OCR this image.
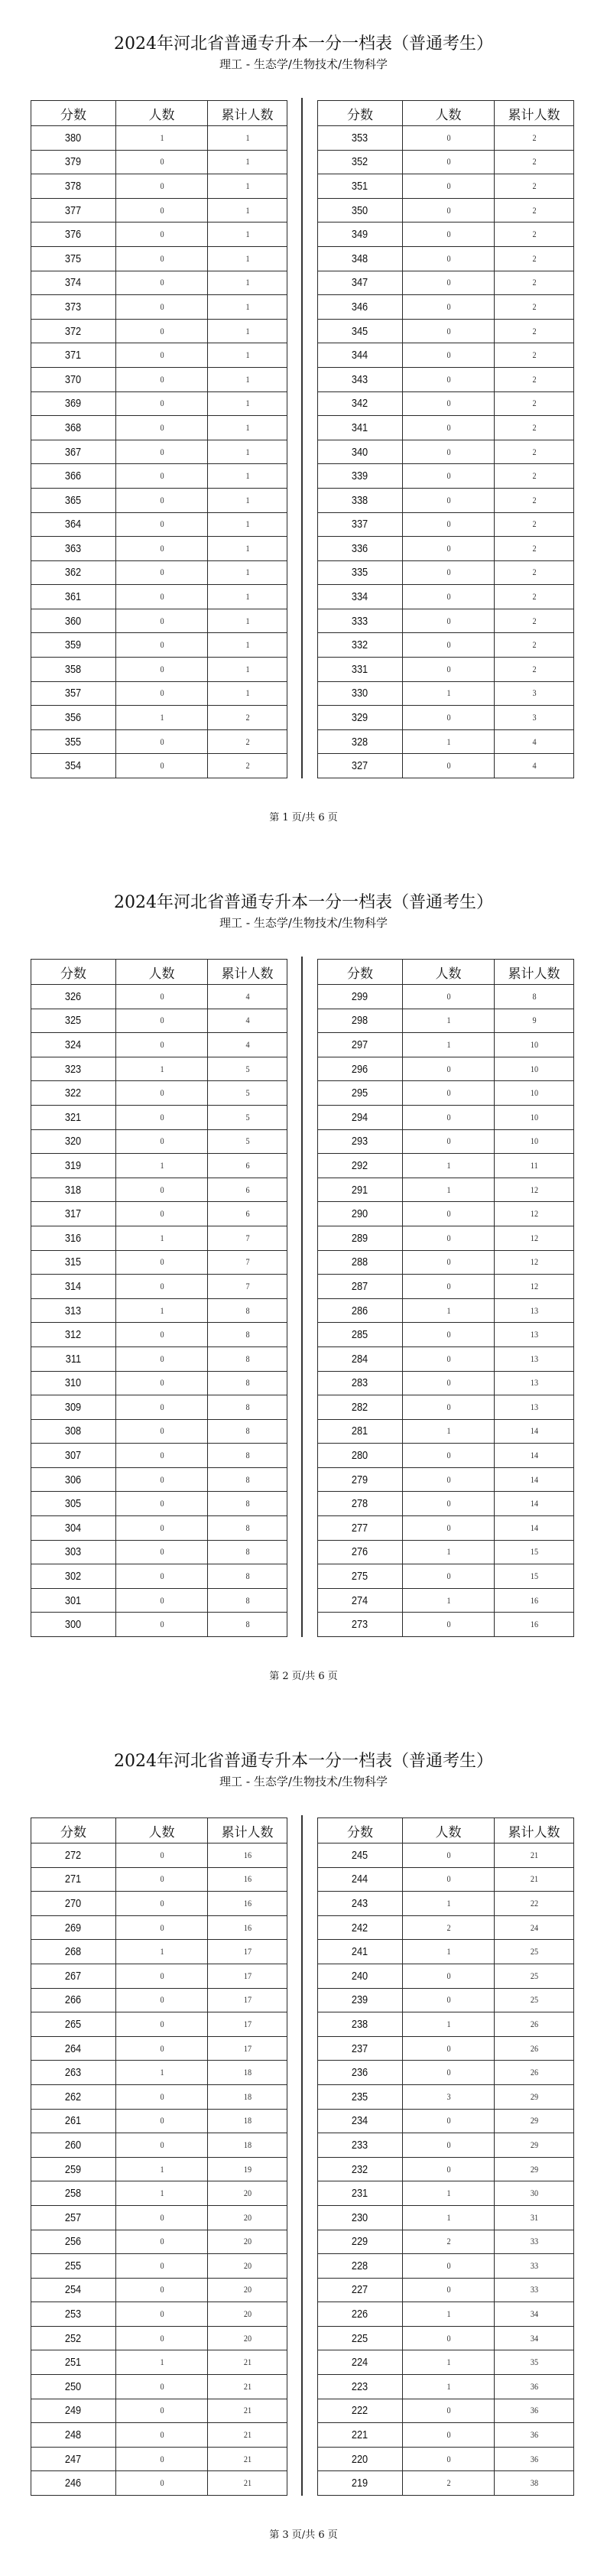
2024年河北省普通专升本一分一档表（普通考生）
理工 - 生态学/生物技术/生物科学
分数	人数	累计人数
380	1	1
379	0	1
378	0	1
377	0	1
376	0	1
375	0	1
374	0	1
373	0	1
372	0	1
371	0	1
370	0	1
369	0	1
368	0	1
367	0	1
366	0	1
365	0	1
364	0	1
363	0	1
362	0	1
361	0	1
360	0	1
359	0	1
358	0	1
357	0	1
356	1	2
355	0	2
354	0	2
分数	人数	累计人数
353	0	2
352	0	2
351	0	2
350	0	2
349	0	2
348	0	2
347	0	2
346	0	2
345	0	2
344	0	2
343	0	2
342	0	2
341	0	2
340	0	2
339	0	2
338	0	2
337	0	2
336	0	2
335	0	2
334	0	2
333	0	2
332	0	2
331	0	2
330	1	3
329	0	3
328	1	4
327	0	4
第 1 页/共 6 页
2024年河北省普通专升本一分一档表（普通考生）
理工 - 生态学/生物技术/生物科学
分数	人数	累计人数
326	0	4
325	0	4
324	0	4
323	1	5
322	0	5
321	0	5
320	0	5
319	1	6
318	0	6
317	0	6
316	1	7
315	0	7
314	0	7
313	1	8
312	0	8
311	0	8
310	0	8
309	0	8
308	0	8
307	0	8
306	0	8
305	0	8
304	0	8
303	0	8
302	0	8
301	0	8
300	0	8
分数	人数	累计人数
299	0	8
298	1	9
297	1	10
296	0	10
295	0	10
294	0	10
293	0	10
292	1	11
291	1	12
290	0	12
289	0	12
288	0	12
287	0	12
286	1	13
285	0	13
284	0	13
283	0	13
282	0	13
281	1	14
280	0	14
279	0	14
278	0	14
277	0	14
276	1	15
275	0	15
274	1	16
273	0	16
第 2 页/共 6 页
2024年河北省普通专升本一分一档表（普通考生）
理工 - 生态学/生物技术/生物科学
分数	人数	累计人数
272	0	16
271	0	16
270	0	16
269	0	16
268	1	17
267	0	17
266	0	17
265	0	17
264	0	17
263	1	18
262	0	18
261	0	18
260	0	18
259	1	19
258	1	20
257	0	20
256	0	20
255	0	20
254	0	20
253	0	20
252	0	20
251	1	21
250	0	21
249	0	21
248	0	21
247	0	21
246	0	21
分数	人数	累计人数
245	0	21
244	0	21
243	1	22
242	2	24
241	1	25
240	0	25
239	0	25
238	1	26
237	0	26
236	0	26
235	3	29
234	0	29
233	0	29
232	0	29
231	1	30
230	1	31
229	2	33
228	0	33
227	0	33
226	1	34
225	0	34
224	1	35
223	1	36
222	0	36
221	0	36
220	0	36
219	2	38
第 3 页/共 6 页
